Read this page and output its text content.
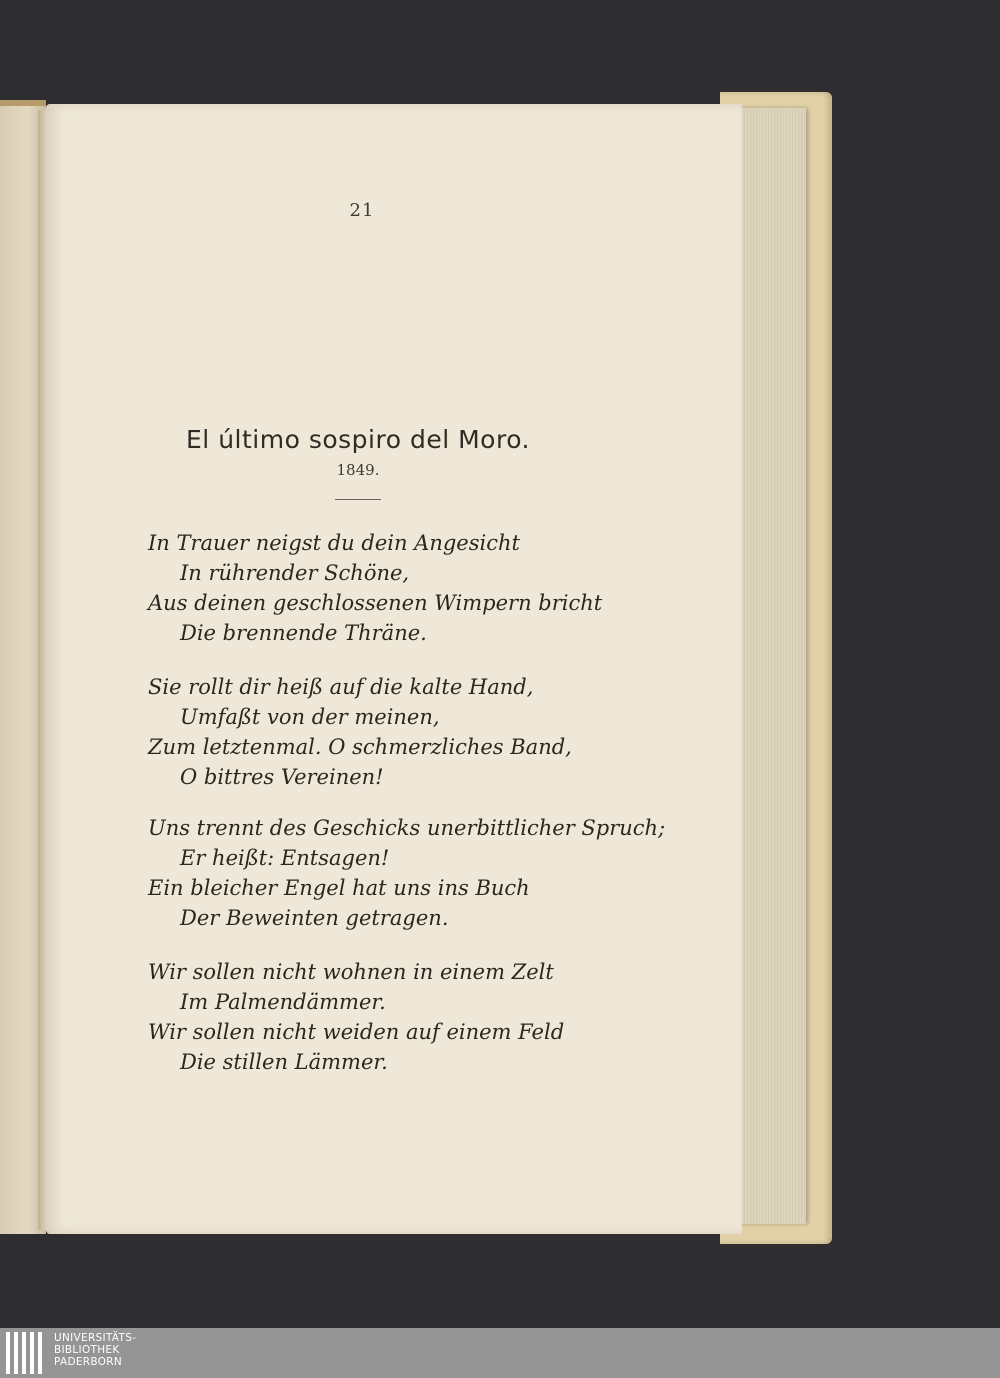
21
El último sospiro del Moro.
1849.
In Trauer neigst du dein Angesicht
In rührender Schöne,
Aus deinen geschlossenen Wimpern bricht
Die brennende Thräne.
Sie rollt dir heiß auf die kalte Hand,
Umfaßt von der meinen,
Zum letztenmal. O schmerzliches Band,
O bittres Vereinen!
Uns trennt des Geschicks unerbittlicher Spruch;
Er heißt: Entsagen!
Ein bleicher Engel hat uns ins Buch
Der Beweinten getragen.
Wir sollen nicht wohnen in einem Zelt
Im Palmendämmer.
Wir sollen nicht weiden auf einem Feld
Die stillen Lämmer.
UNIVERSITÄTS-
BIBLIOTHEK
PADERBORN
